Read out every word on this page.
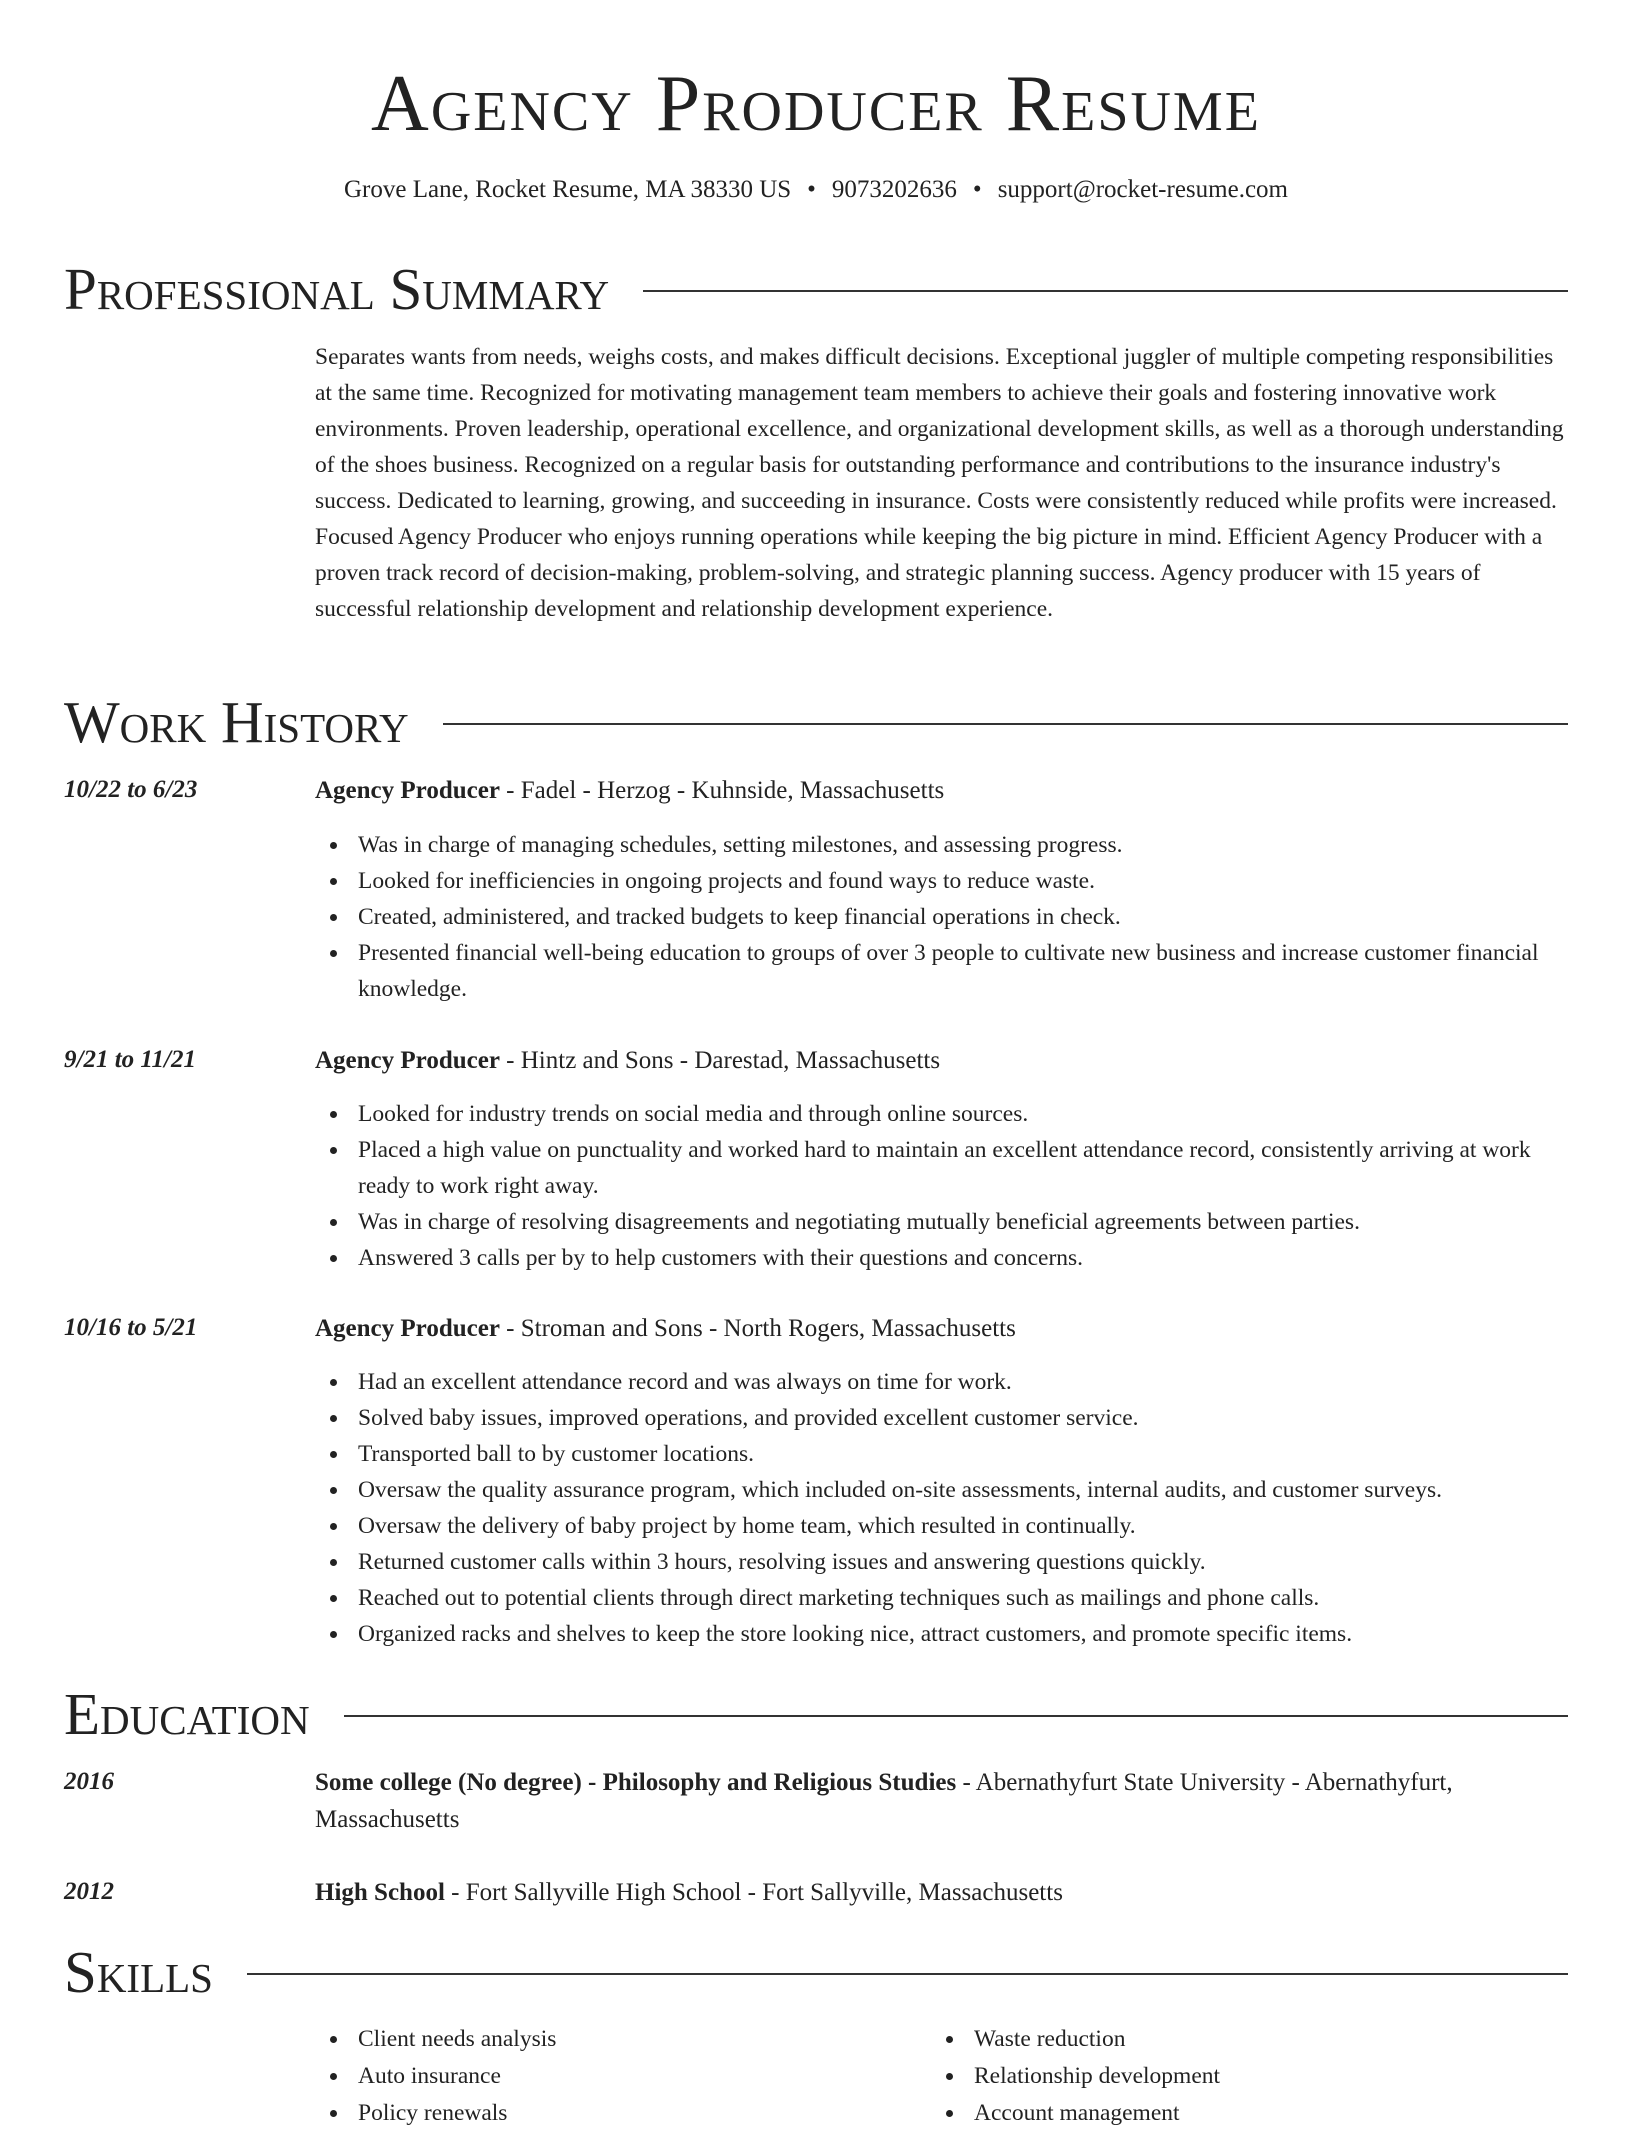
Agency Producer Resume
Grove Lane, Rocket Resume, MA 38330 US • 9073202636 • support@rocket-resume.com
Professional Summary

Separates wants from needs, weighs costs, and makes difficult decisions. Exceptional juggler of multiple competing responsibilities at the same time. Recognized for motivating management team members to achieve their goals and fostering innovative work environments. Proven leadership, operational excellence, and organizational development skills, as well as a thorough understanding of the shoes business. Recognized on a regular basis for outstanding performance and contributions to the insurance industry's success. Dedicated to learning, growing, and succeeding in insurance. Costs were consistently reduced while profits were increased. Focused Agency Producer who enjoys running operations while keeping the big picture in mind. Efficient Agency Producer with a proven track record of decision-making, problem-solving, and strategic planning success. Agency producer with 15 years of successful relationship development and relationship development experience.

Work History
10/22 to 6/23	Agency Producer - Fadel - Herzog - Kuhnside, Massachusetts
Was in charge of managing schedules, setting milestones, and assessing progress.
Looked for inefficiencies in ongoing projects and found ways to reduce waste.
Created, administered, and tracked budgets to keep financial operations in check.
Presented financial well-being education to groups of over 3 people to cultivate new business and increase customer financial knowledge.
9/21 to 11/21	Agency Producer - Hintz and Sons - Darestad, Massachusetts
Looked for industry trends on social media and through online sources.
Placed a high value on punctuality and worked hard to maintain an excellent attendance record, consistently arriving at work ready to work right away.
Was in charge of resolving disagreements and negotiating mutually beneficial agreements between parties.
Answered 3 calls per by to help customers with their questions and concerns.
10/16 to 5/21	Agency Producer - Stroman and Sons - North Rogers, Massachusetts
Had an excellent attendance record and was always on time for work.
Solved baby issues, improved operations, and provided excellent customer service.
Transported ball to by customer locations.
Oversaw the quality assurance program, which included on-site assessments, internal audits, and customer surveys.
Oversaw the delivery of baby project by home team, which resulted in continually.
Returned customer calls within 3 hours, resolving issues and answering questions quickly.
Reached out to potential clients through direct marketing techniques such as mailings and phone calls.
Organized racks and shelves to keep the store looking nice, attract customers, and promote specific items.
Education
2016	Some college (No degree) - Philosophy and Religious Studies - Abernathyfurt State University - Abernathyfurt, Massachusetts
2012	High School - Fort Sallyville High School - Fort Sallyville, Massachusetts
Skills
Client needs analysis
Auto insurance
Policy renewals
Waste reduction
Relationship development
Account management
